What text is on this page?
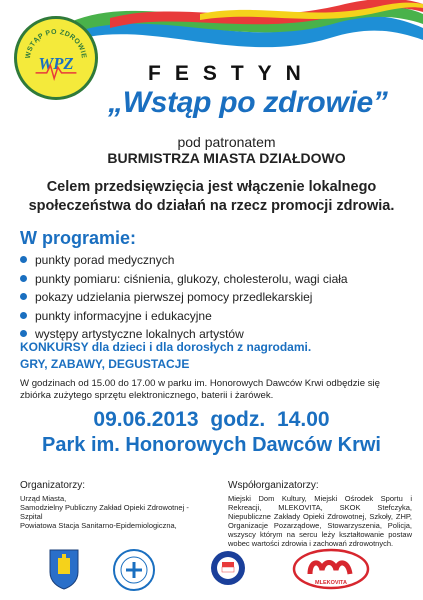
WSTĄP PO ZDROWIE
WPZ	FESTYN
„Wstąp po zdrowie”
pod patronatem
BURMISTRZA MIASTA DZIAŁDOWO
Celem przedsięwzięcia jest włączenie lokalnego
społeczeństwa do działań na rzecz promocji zdrowia.
W programie:
punkty porad medycznych
punkty pomiaru: ciśnienia, glukozy, cholesterolu, wagi ciała
pokazy udzielania pierwszej pomocy przedlekarskiej
punkty informacyjne i edukacyjne
występy artystyczne lokalnych artystów
KONKURSY dla dzieci i dla dorosłych z nagrodami.
GRY, ZABAWY, DEGUSTACJE
W godzinach od 15.00 do 17.00 w parku im. Honorowych Dawców Krwi odbędzie się
zbiórka zużytego sprzętu elektronicznego, baterii i żarówek.
09.06.2013 godz. 14.00
Park im. Honorowych Dawców Krwi
Organizatorzy:
Urząd Miasta,
Samodzielny Publiczny Zakład Opieki Zdrowotnej - Szpital
Powiatowa Stacja Sanitarno-Epidemiologiczna,
Współorganizatorzy:
Miejski Dom Kultury, Miejski Ośrodek Sportu i Rekreacji, MLEKOVITA, SKOK Stefczyka, Niepubliczne Zakłady Opieki Zdrowotnej, Szkoły, ZHP, Organizacje Pozarządowe, Stowarzyszenia, Policja, wszyscy którym na sercu leży kształtowanie postaw wobec wartości zdrowia i zachowań zdrowotnych.
MLEKOVITA
